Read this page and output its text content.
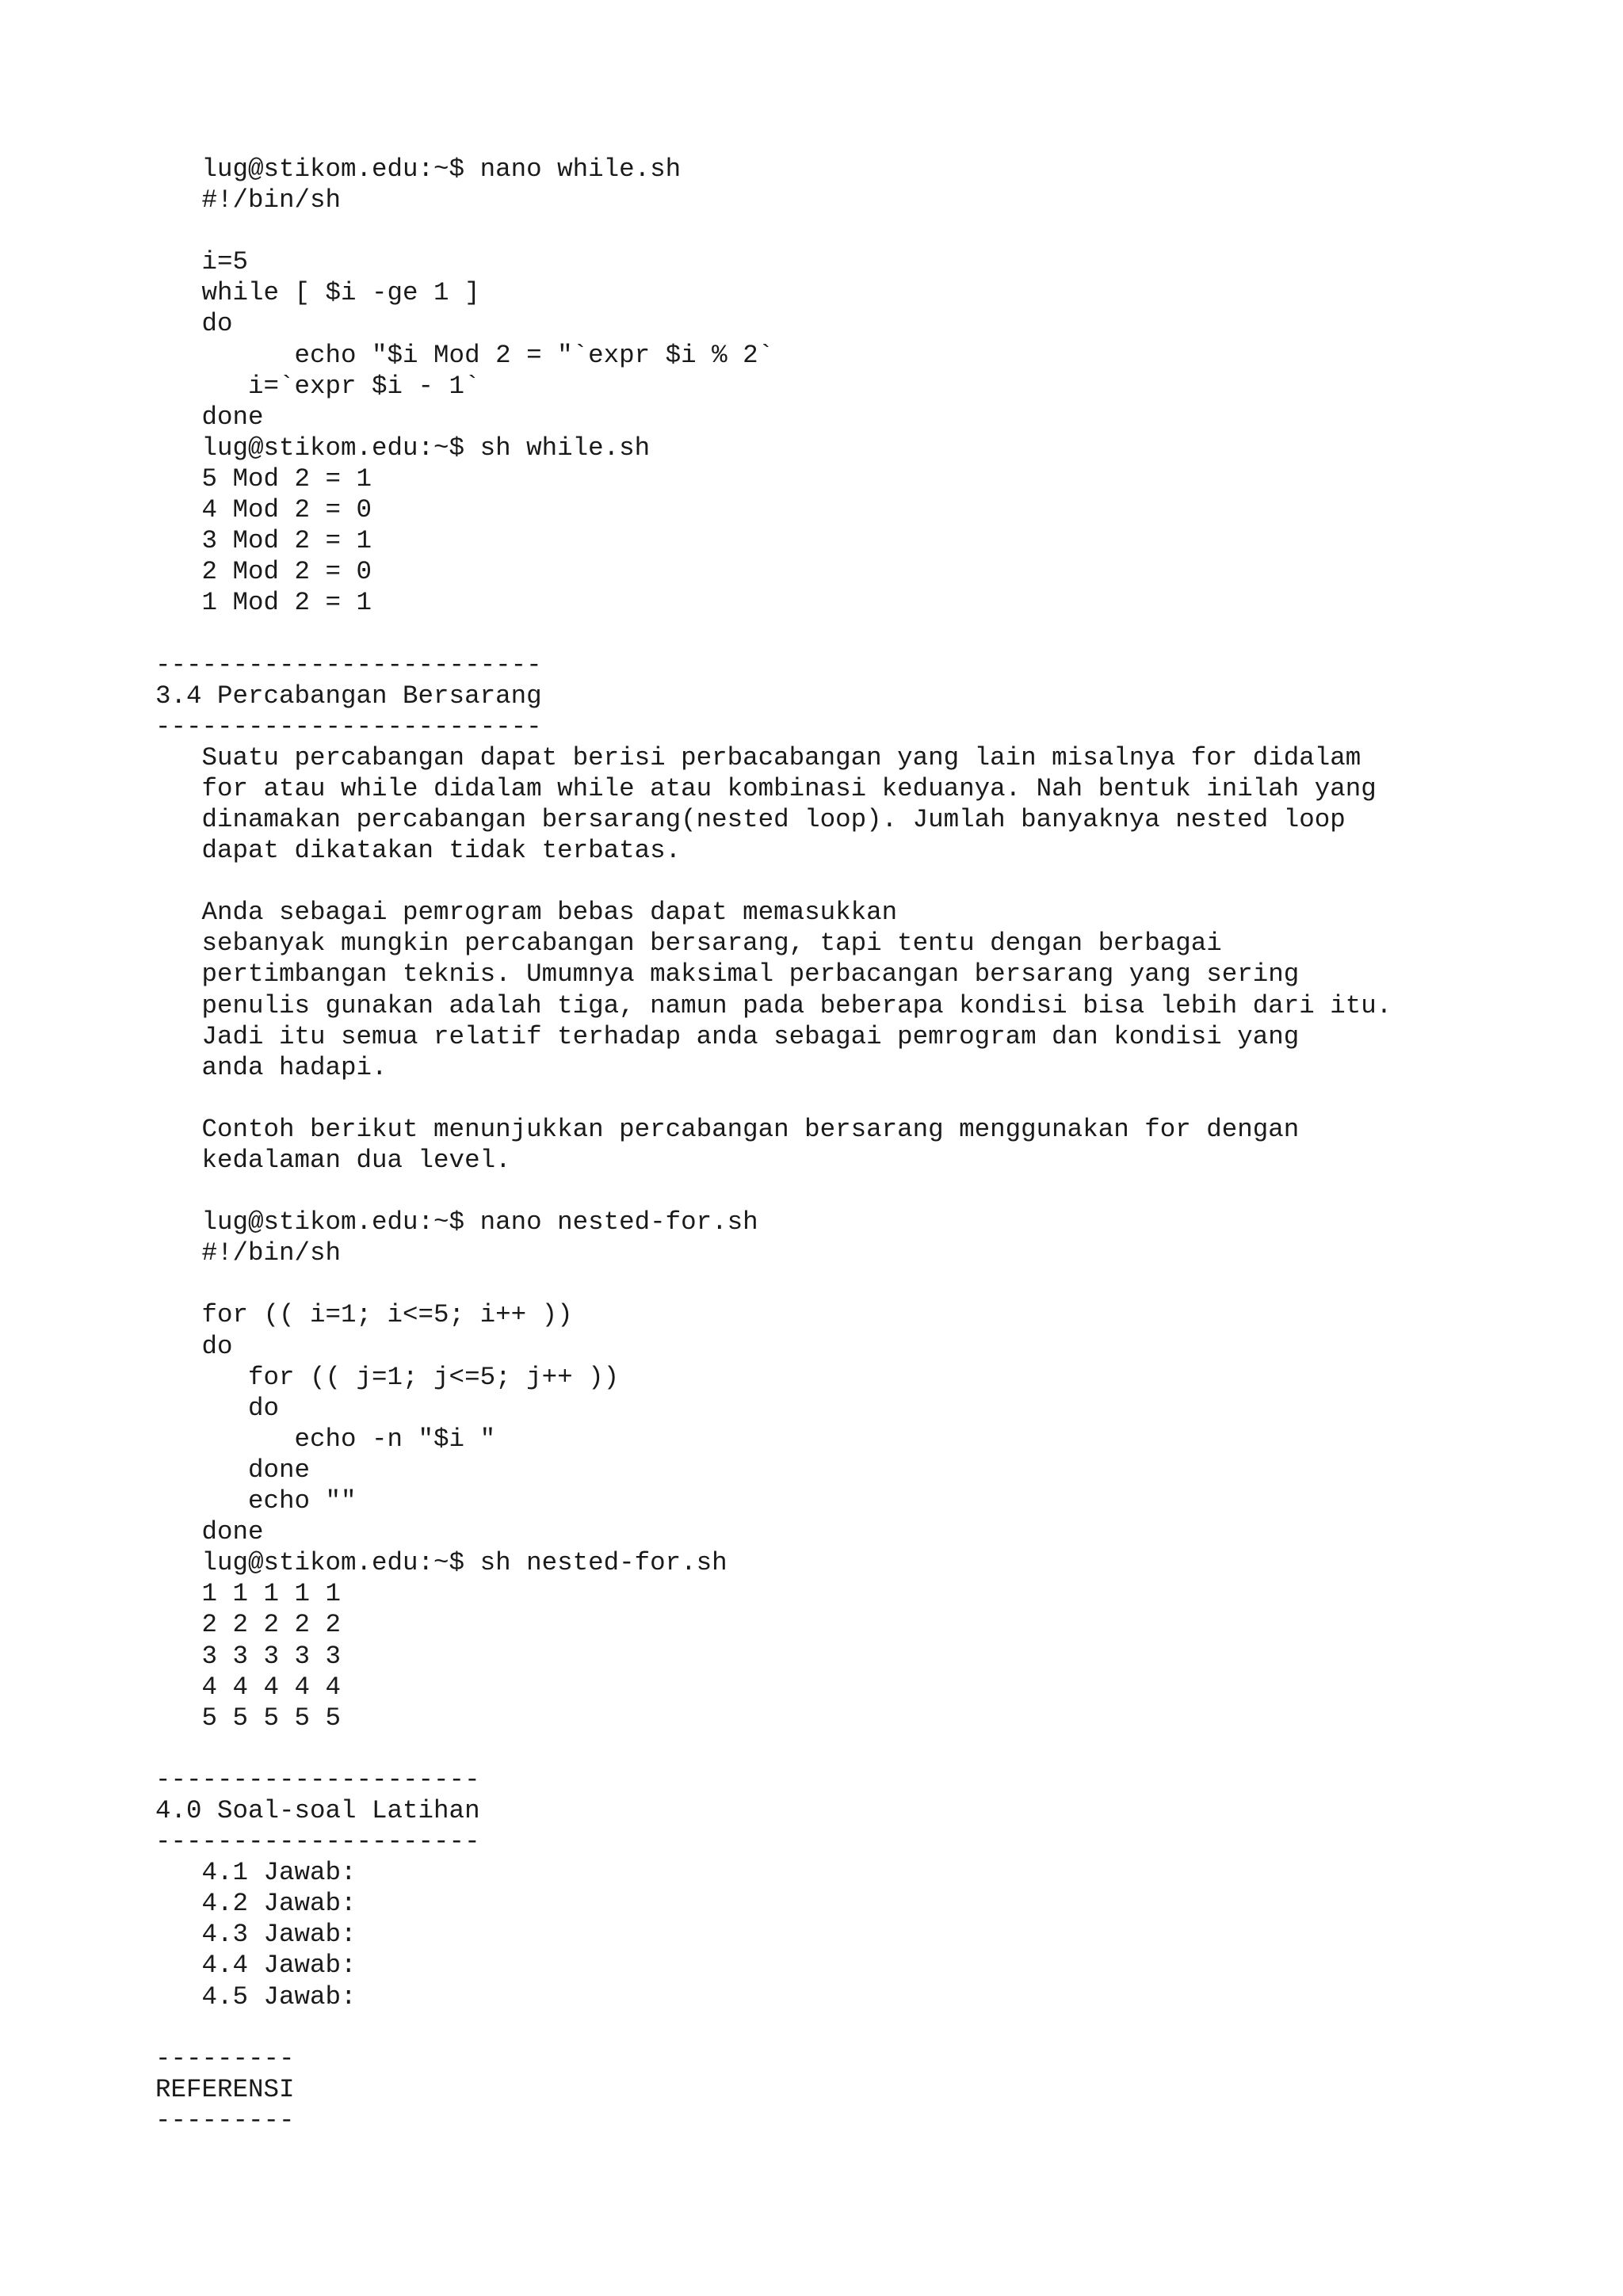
lug@stikom.edu:~$ nano while.sh
#!/bin/sh

i=5
while [ $i -ge 1 ]
do
echo "$i Mod 2 = "`expr $i % 2`
i=`expr $i - 1`
done
lug@stikom.edu:~$ sh while.sh
5 Mod 2 = 1
4 Mod 2 = 0
3 Mod 2 = 1
2 Mod 2 = 0
1 Mod 2 = 1

-------------------------
3.4 Percabangan Bersarang
-------------------------
Suatu percabangan dapat berisi perbacabangan yang lain misalnya for didalam
for atau while didalam while atau kombinasi keduanya. Nah bentuk inilah yang
dinamakan percabangan bersarang(nested loop). Jumlah banyaknya nested loop
dapat dikatakan tidak terbatas.

Anda sebagai pemrogram bebas dapat memasukkan
sebanyak mungkin percabangan bersarang, tapi tentu dengan berbagai
pertimbangan teknis. Umumnya maksimal perbacangan bersarang yang sering
penulis gunakan adalah tiga, namun pada beberapa kondisi bisa lebih dari itu.
Jadi itu semua relatif terhadap anda sebagai pemrogram dan kondisi yang
anda hadapi.

Contoh berikut menunjukkan percabangan bersarang menggunakan for dengan
kedalaman dua level.

lug@stikom.edu:~$ nano nested-for.sh
#!/bin/sh

for (( i=1; i<=5; i++ ))
do
for (( j=1; j<=5; j++ ))
do
echo -n "$i "
done
echo ""
done
lug@stikom.edu:~$ sh nested-for.sh
1 1 1 1 1
2 2 2 2 2
3 3 3 3 3
4 4 4 4 4
5 5 5 5 5

---------------------
4.0 Soal-soal Latihan
---------------------
4.1 Jawab:
4.2 Jawab:
4.3 Jawab:
4.4 Jawab:
4.5 Jawab:

---------
REFERENSI
---------
